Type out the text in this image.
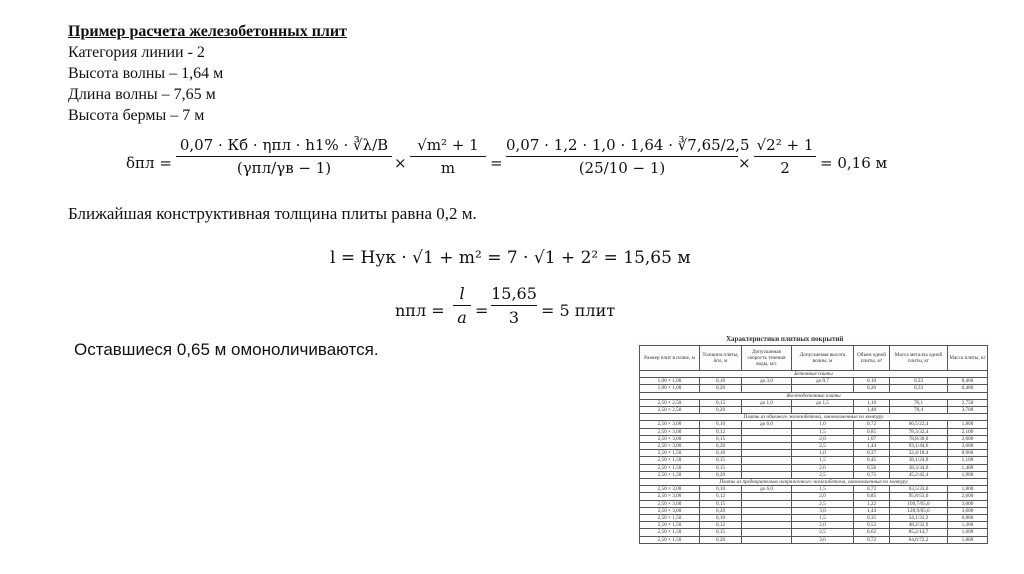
Пример расчета железобетонных плит
Категория линии - 2
Высота волны – 1,64 м
Длина волны – 7,65 м
Высота бермы – 7 м
δпл =
0,07 · Кб · ηпл · h1% · ∛λ/B
(γпл/γв − 1)	×
√m² + 1
m	=
0,07 · 1,2 · 1,0 · 1,64 · ∛7,65/2,5
(25/10 − 1)	×
√2² + 1
2	= 0,16 м
Ближайшая конструктивная толщина плиты равна 0,2 м.
l = Hук · √1 + m² = 7 · √1 + 2² = 15,65 м
nпл =
l
a =
15,65
3	= 5 плит
Оставшиеся 0,65 м омоноличиваются.
Характеристики плитных покрытий
Размер плит в плане, м	Толщина плиты, δпл, м	Допускаемая скорость течения воды, м/с	Допускаемая высота волны, м	Объем одной плиты, м³	Масса металла одной плиты, кг	Масса плиты, кг
Бетонные плиты						
1,00 × 1,00	0,10	до 3,0	до 0,7	0,10	0,23	0,400
1,00 × 1,00	0,20			0,20	0,33	0,480
Железобетонные плиты						
2,50 × 2,50	0,15	до 1,0	до 1,5	1,10	70,1	2,750
2,50 × 2,50	0,20			1,48	78,4	3,700
Плиты из обычного железобетона, омоноличенные по контуру						
2,50 × 3,00	0,10	до 6,0	1,0	0,72	66,5/22,4	1,800
2,50 × 3,00	0,12		1,5	0,85	78,3/32,4	2,100
2,50 × 3,00	0,15		2,0	1,07	78,8/30,0	2,600
2,50 × 3,00	0,20		2,5	1,44	93,1/44,6	3,600
2,50 × 1,50	0,10		1,0	0,37	32,4/18,4	0,900
2,50 × 1,50	0,15		1,5	0,45	38,1/24,0	1,100
2,50 × 1,50	0,15		2,0	0,56	38,3/34,0	1,400
2,50 × 1,50	0,20		2,5	0,75	45,2/42,4	1,900
Плиты из предварительно напряженного железобетона, омоноличенные по контуру						
2,50 × 3,00	0,10	до 6,0	1,5	0,72	63,5/33,0	1,800
2,50 × 3,00	0,12		2,0	0,85	95,8/53,0	2,600
2,50 × 3,00	0,15		2,5	1,22	109,7/65,0	3,000
2,50 × 3,00	0,20		3,0	1,44	128,9/85,0	3,600
2,50 × 1,50	0,10		1,5	0,35	34,1/31,2	0,880
2,50 × 1,50	0,12		2,0	0,52	48,2/32,9	1,300
2,50 × 1,50	0,15		2,5	0,62	85,2/14,7	1,600
2,50 × 1,50	0,20		3,0	0,72	64,6/72,2	1,800
